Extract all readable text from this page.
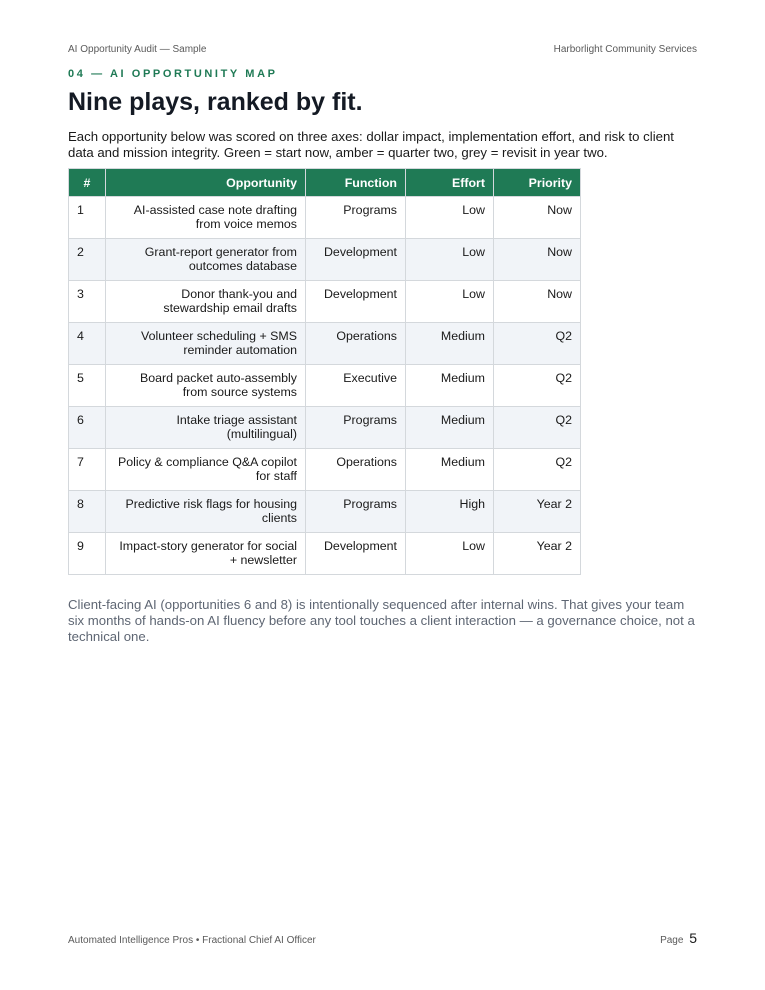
AI Opportunity Audit — Sample	Harborlight Community Services
04 — AI OPPORTUNITY MAP
Nine plays, ranked by fit.

Each opportunity below was scored on three axes: dollar impact, implementation effort, and risk to client data and mission integrity. Green = start now, amber = quarter two, grey = revisit in year two.

#	Opportunity	Function	Effort	Priority
1	AI-assisted case note drafting from voice memos	Programs	Low	Now
2	Grant-report generator from outcomes database	Development	Low	Now
3	Donor thank-you and stewardship email drafts	Development	Low	Now
4	Volunteer scheduling + SMS reminder automation	Operations	Medium	Q2
5	Board packet auto-assembly from source systems	Executive	Medium	Q2
6	Intake triage assistant (multilingual)	Programs	Medium	Q2
7	Policy & compliance Q&A copilot for staff	Operations	Medium	Q2
8	Predictive risk flags for housing clients	Programs	High	Year 2
9	Impact-story generator for social + newsletter	Development	Low	Year 2

Client-facing AI (opportunities 6 and 8) is intentionally sequenced after internal wins. That gives your team six months of hands-on AI fluency before any tool touches a client interaction — a governance choice, not a technical one.

Automated Intelligence Pros • Fractional Chief AI Officer	Page 5
